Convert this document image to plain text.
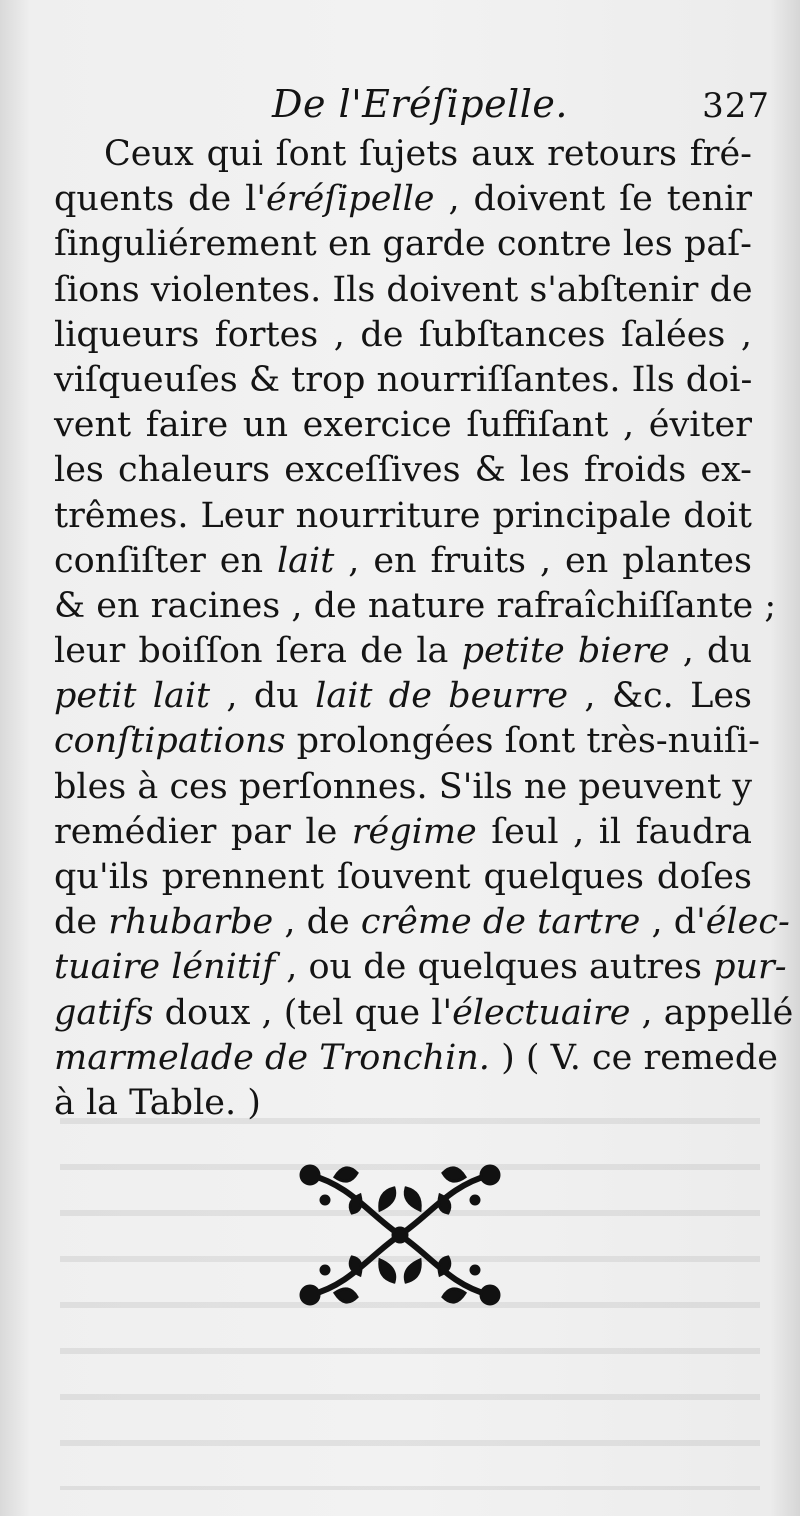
De l'Eréſipelle.	327
Ceux qui ſont ſujets aux retours fré-
quents de l'éréſipelle , doivent ſe tenir
ſinguliérement en garde contre les paſ-
ſions violentes. Ils doivent s'abſtenir de
liqueurs fortes , de ſubſtances ſalées ,
viſqueuſes & trop nourriſſantes. Ils doi-
vent faire un exercice ſuffiſant , éviter
les chaleurs exceſſives & les froids ex-
trêmes. Leur nourriture principale doit
conſiſter en lait , en fruits , en plantes
& en racines , de nature rafraîchiſſante ;
leur boiſſon ſera de la petite biere , du
petit lait , du lait de beurre , &c. Les
conſtipations prolongées ſont très-nuiſi-
bles à ces perſonnes. S'ils ne peuvent y
remédier par le régime ſeul , il faudra
qu'ils prennent ſouvent quelques doſes
de rhubarbe , de crême de tartre , d'élec-
tuaire lénitif , ou de quelques autres pur-
gatifs doux , (tel que l'électuaire , appellé
marmelade de Tronchin. ) ( V. ce remede
à la Table. )
